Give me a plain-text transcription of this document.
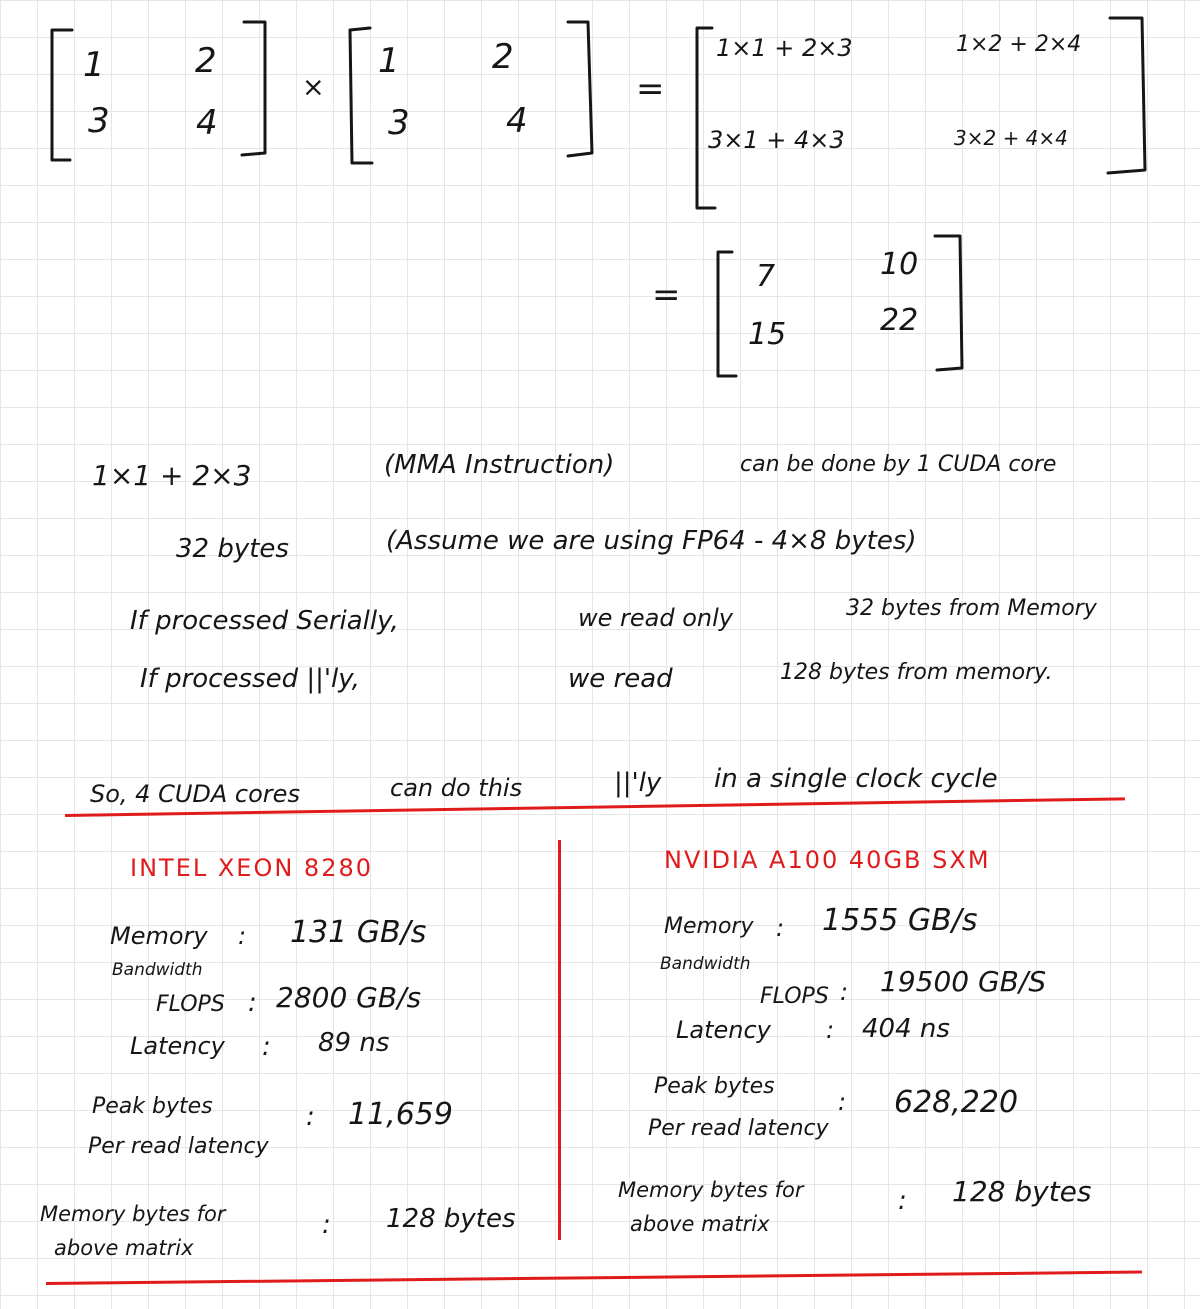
1	2
3	4
×
1	2
3	4
=
1×1 + 2×3	1×2 + 2×4
3×1 + 4×3	3×2 + 4×4
=	7	10
15	22
1×1 + 2×3	(MMA Instruction)	can be done by 1 CUDA core
32 bytes	(Assume we are using FP64 - 4×8 bytes)
If processed Serially,	we read only	32 bytes from Memory
If processed ||'ly,	we read	128 bytes from memory.
So, 4 CUDA cores	can do this	||'ly in a single clock cycle
INTEL XEON 8280
Memory
Bandwidth
: 131 GB/s
FLOPS : 2800 GB/s
Latency : 89 ns
Peak bytes
Per read latency
: 11,659
Memory bytes for
above matrix
: 128 bytes
NVIDIA A100 40GB SXM
Memory
Bandwidth
: 1555 GB/s
FLOPS : 19500 GB/S
Latency : 404 ns
Peak bytes
Per read latency
: 628,220
Memory bytes for
above matrix
: 128 bytes
